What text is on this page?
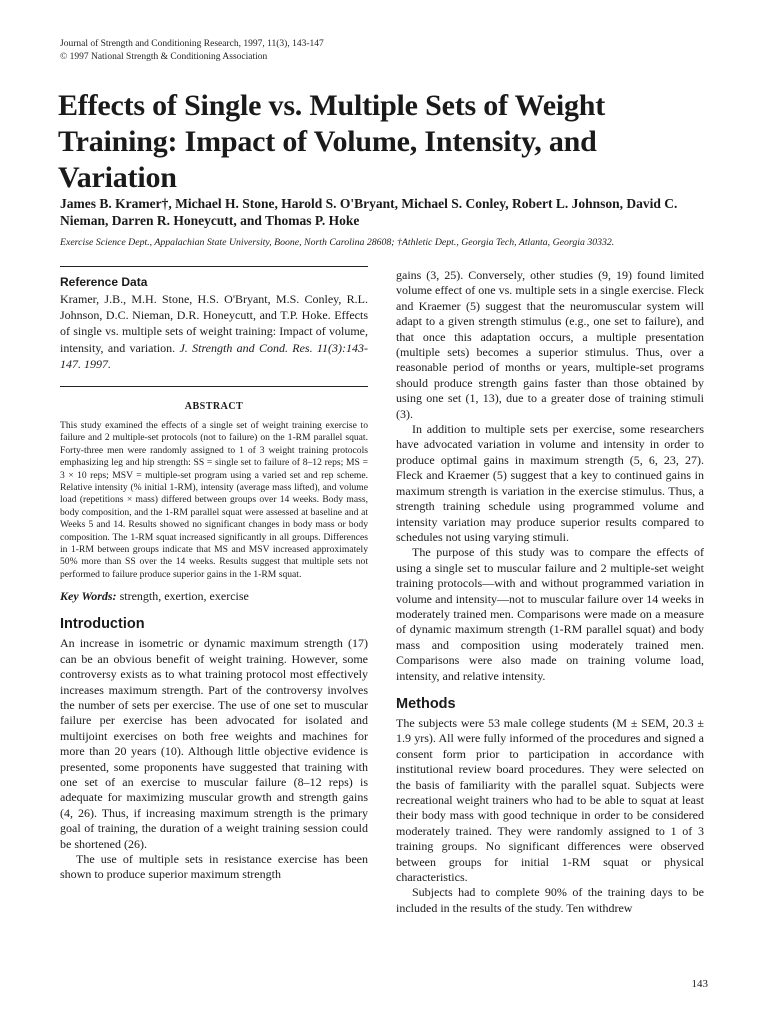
Journal of Strength and Conditioning Research, 1997, 11(3), 143-147
© 1997 National Strength & Conditioning Association
Effects of Single vs. Multiple Sets of Weight Training: Impact of Volume, Intensity, and Variation
James B. Kramer†, Michael H. Stone, Harold S. O'Bryant, Michael S. Conley, Robert L. Johnson, David C. Nieman, Darren R. Honeycutt, and Thomas P. Hoke
Exercise Science Dept., Appalachian State University, Boone, North Carolina 28608; †Athletic Dept., Georgia Tech, Atlanta, Georgia 30332.

Reference Data

Kramer, J.B., M.H. Stone, H.S. O'Bryant, M.S. Conley, R.L. Johnson, D.C. Nieman, D.R. Honeycutt, and T.P. Hoke. Effects of single vs. multiple sets of weight training: Impact of volume, intensity, and variation. J. Strength and Cond. Res. 11(3):143-147. 1997.

ABSTRACT

This study examined the effects of a single set of weight training exercise to failure and 2 multiple-set protocols (not to failure) on the 1-RM parallel squat. Forty-three men were randomly assigned to 1 of 3 weight training protocols emphasizing leg and hip strength: SS = single set to failure of 8–12 reps; MS = 3 × 10 reps; MSV = multiple-set program using a varied set and rep scheme. Relative intensity (% initial 1-RM), intensity (average mass lifted), and volume load (repetitions × mass) differed between groups over 14 weeks. Body mass, body composition, and the 1-RM parallel squat were assessed at baseline and at Weeks 5 and 14. Results showed no significant changes in body mass or body composition. The 1-RM squat increased significantly in all groups. Differences in 1-RM between groups indicate that MS and MSV increased approximately 50% more than SS over the 14 weeks. Results suggest that multiple sets not performed to failure produce superior gains in the 1-RM squat.

Key Words: strength, exertion, exercise

Introduction

An increase in isometric or dynamic maximum strength (17) can be an obvious benefit of weight training. However, some controversy exists as to what training protocol most effectively increases maximum strength. Part of the controversy involves the number of sets per exercise. The use of one set to muscular failure per exercise has been advocated for isolated and multijoint exercises on both free weights and machines for more than 20 years (10). Although little objective evidence is presented, some proponents have suggested that training with one set of an exercise to muscular failure (8–12 reps) is adequate for maximizing muscular growth and strength gains (4, 26). Thus, if increasing maximum strength is the primary goal of training, the duration of a weight training session could be shortened (26).

The use of multiple sets in resistance exercise has been shown to produce superior maximum strength

gains (3, 25). Conversely, other studies (9, 19) found limited volume effect of one vs. multiple sets in a single exercise. Fleck and Kraemer (5) suggest that the neuromuscular system will adapt to a given strength stimulus (e.g., one set to failure), and that once this adaptation occurs, a multiple presentation (multiple sets) becomes a superior stimulus. Thus, over a reasonable period of months or years, multiple-set programs should produce strength gains faster than those obtained by using one set (1, 13), due to a greater dose of training stimuli (3).

In addition to multiple sets per exercise, some researchers have advocated variation in volume and intensity in order to produce optimal gains in maximum strength (5, 6, 23, 27). Fleck and Kraemer (5) suggest that a key to continued gains in maximum strength is variation in the exercise stimulus. Thus, a strength training schedule using programmed volume and intensity variation may produce superior results compared to schedules not using varying stimuli.

The purpose of this study was to compare the effects of using a single set to muscular failure and 2 multiple-set weight training protocols—with and without programmed variation in volume and intensity—not to muscular failure over 14 weeks in moderately trained men. Comparisons were made on a measure of dynamic maximum strength (1-RM parallel squat) and body mass and composition using moderately trained men. Comparisons were also made on training volume load, intensity, and relative intensity.

Methods

The subjects were 53 male college students (M ± SEM, 20.3 ± 1.9 yrs). All were fully informed of the procedures and signed a consent form prior to participation in accordance with institutional review board procedures. They were selected on the basis of familiarity with the parallel squat. Subjects were recreational weight trainers who had to be able to squat at least their body mass with good technique in order to be considered moderately trained. They were randomly assigned to 1 of 3 training groups. No significant differences were observed between groups for initial 1-RM squat or physical characteristics.

Subjects had to complete 90% of the training days to be included in the results of the study. Ten withdrew

143
